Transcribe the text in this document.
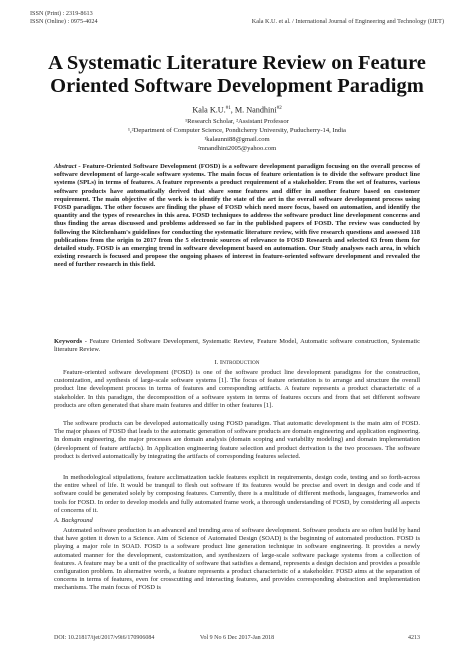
ISSN (Print) : 2319-8613
ISSN (Online) : 0975-4024	Kala K.U. et al. / International Journal of Engineering and Technology (IJET)
A Systematic Literature Review on Feature Oriented Software Development Paradigm
Kala K.U.$^{\#1}$, M. Nandhini$^{\#2}$
¹Research Scholar, ²Assistant Professor
¹,²Department of Computer Science, Pondicherry University, Puducherry-14, India
¹kalaunni88@gmail.com
²mnandhini2005@yahoo.com
Abstract - Feature-Oriented Software Development (FOSD) is a software development paradigm focusing on the overall process of software development of large-scale software systems. The main focus of feature orientation is to divide the software product line systems (SPLs) in terms of features. A feature represents a product requirement of a stakeholder. From the set of features, various software products have automatically derived that share some features and differ in another feature based on customer requirement. The main objective of the work is to identify the state of the art in the overall software development process using FOSD paradigm. The other focuses are finding the phase of FOSD which need more focus, based on automation, and identify the quantity and the types of researches in this area. FOSD techniques to address the software product line development concerns and thus finding the areas discussed and problems addressed so far in the published papers of FOSD. The review was conducted by following the Kitchenham's guidelines for conducting the systematic literature review, with five research questions and assessed 118 publications from the origin to 2017 from the 5 electronic sources of relevance to FOSD Research and selected 63 from them for detailed study. FOSD is an emerging trend in software development based on automation. Our Study analyses each area, in which existing research is focused and propose the ongoing phases of interest in feature-oriented software development and revealed the need of further research in this field.
Keywords - Feature Oriented Software Development, Systematic Review, Feature Model, Automatic software construction, Systematic literature Review.
I. INTRODUCTION

Feature-oriented software development (FOSD) is one of the software product line development paradigms for the construction, customization, and synthesis of large-scale software systems [1]. The focus of feature orientation is to arrange and structure the overall product line development process in terms of features and corresponding artifacts. A feature represents a product characteristic of a stakeholder. In this paradigm, the decomposition of a software system in terms of features occurs and from that set different software products are often generated that share main features and differ in other features [1].

The software products can be developed automatically using FOSD paradigm. That automatic development is the main aim of FOSD. The major phases of FOSD that leads to the automatic generation of software products are domain engineering and application engineering. In domain engineering, the major processes are domain analysis (domain scoping and variability modeling) and domain implementation (development of feature artifacts). In Application engineering feature selection and product derivation is the two processes. The software product is derived automatically by integrating the artifacts of corresponding features selected.

In methodological stipulations, feature acclimatization tackle features explicit in requirements, design code, testing and so forth-across the entire wheel of life. It would be tranquil to flesh out software if its features would be precise and overt in design and code and if software could be generated solely by composing features. Currently, there is a multitude of different methods, languages, frameworks and tools for FOSD. In order to develop models and fully automated frame work, a thorough understanding of FOSD, by considering all aspects of concerns of it.

A. Background

Automated software production is an advanced and trending area of software development. Software products are so often build by hand that have gotten it down to a Science. Aim of Science of Automated Design (SOAD) is the beginning of automated production. FOSD is playing a major role in SOAD. FOSD is a software product line generation technique in software engineering. It provides a newly automated manner for the development, customization, and synthesizers of large-scale software package systems from a collection of features. A feature may be a unit of the practicality of software that satisfies a demand, represents a design decision and provides a possible configuration problem. In alternative words, a feature represents a product characteristic of a stakeholder. FOSD aims at the separation of concerns in terms of features, even for crosscutting and interacting features, and provides corresponding abstraction and implementation mechanisms. The main focus of FOSD is

DOI: 10.21817/ijet/2017/v9i6/170906084	Vol 9 No 6 Dec 2017-Jan 2018	4213
